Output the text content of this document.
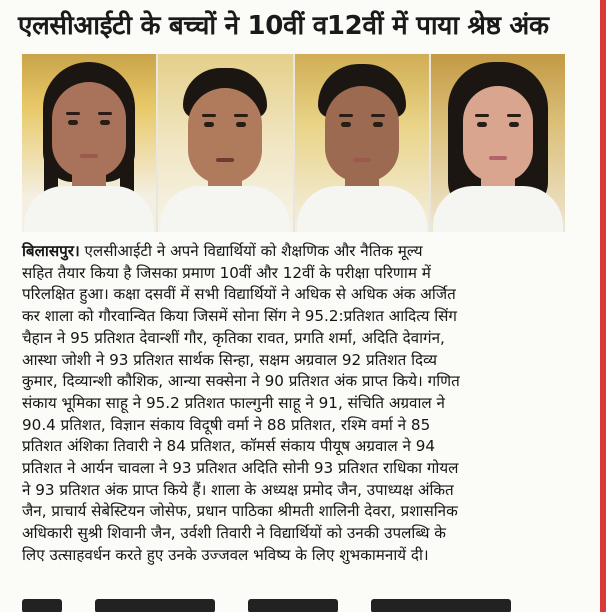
एलसीआईटी के बच्चों ने 10वीं व12वीं में पाया श्रेष्ठ अंक
बिलासपुर। एलसीआईटी ने अपने विद्यार्थियों को शैक्षणिक और नैतिक मूल्य
सहित तैयार किया है जिसका प्रमाण 10वीं और 12वीं के परीक्षा परिणाम में
परिलक्षित हुआ। कक्षा दसवीं में सभी विद्यार्थियों ने अधिक से अधिक अंक अर्जित
कर शाला को गौरवान्वित किया जिसमें सोना सिंग ने 95.2:प्रतिशत आदित्य सिंग
चैहान ने 95 प्रतिशत देवान्शीं गौर, कृतिका रावत, प्रगति शर्मा, अदिति देवागंन,
आस्था जोशी ने 93 प्रतिशत सार्थक सिन्हा, सक्षम अग्रवाल 92 प्रतिशत दिव्य
कुमार, दिव्यान्शी कौशिक, आन्या सक्सेना ने 90 प्रतिशत अंक प्राप्त किये। गणित
संकाय भूमिका साहू ने 95.2 प्रतिशत फाल्गुनी साहू ने 91, संचिति अग्रवाल ने
90.4 प्रतिशत, विज्ञान संकाय विदूषी वर्मा ने 88 प्रतिशत, रश्मि वर्मा ने 85
प्रतिशत अंशिका तिवारी ने 84 प्रतिशत, कॉमर्स संकाय पीयूष अग्रवाल ने 94
प्रतिशत ने आर्यन चावला ने 93 प्रतिशत अदिति सोनी 93 प्रतिशत राधिका गोयल
ने 93 प्रतिशत अंक प्राप्त किये हैं। शाला के अध्यक्ष प्रमोद जैन, उपाध्यक्ष अंकित
जैन, प्राचार्य सेबेस्टियन जोसेफ, प्रधान पाठिका श्रीमती शालिनी देवरा, प्रशासनिक
अधिकारी सुश्री शिवानी जैन, उर्वशी तिवारी ने विद्यार्थियों को उनकी उपलब्धि के
लिए उत्साहवर्धन करते हुए उनके उज्जवल भविष्य के लिए शुभकामनायें दी।
